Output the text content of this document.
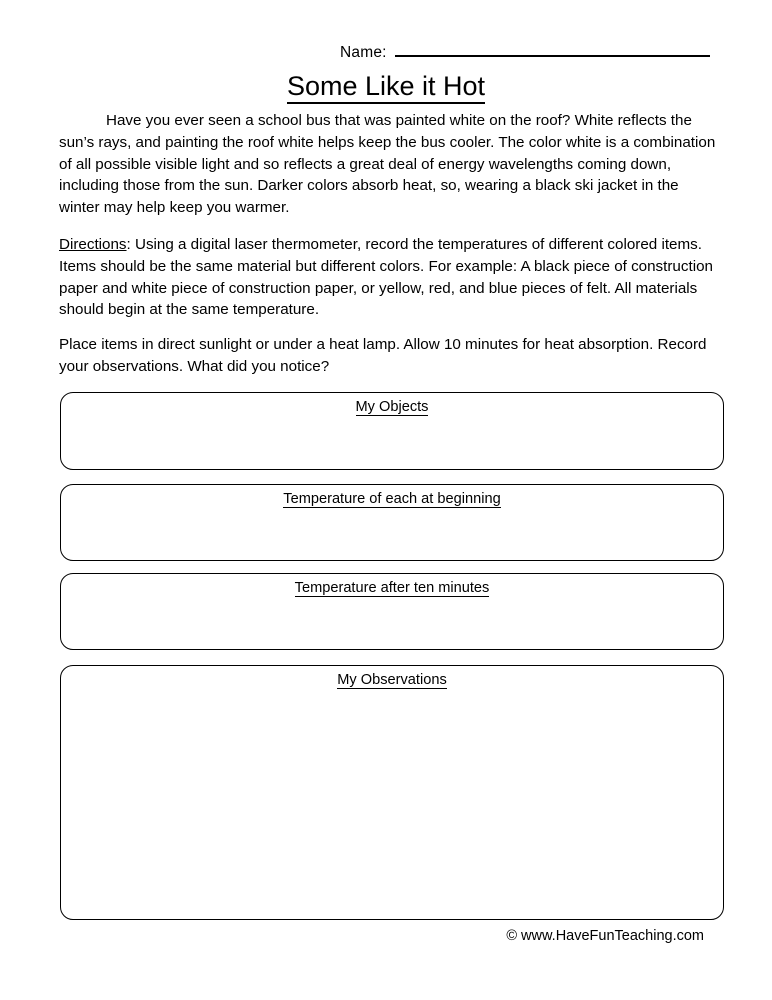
Name:
Some Like it Hot
Have you ever seen a school bus that was painted white on the roof? White reflects the sun’s rays, and painting the roof white helps keep the bus cooler. The color white is a combination of all possible visible light and so reflects a great deal of energy wavelengths coming down, including those from the sun. Darker colors absorb heat, so, wearing a black ski jacket in the winter may help keep you warmer.
Directions: Using a digital laser thermometer, record the temperatures of different colored items. Items should be the same material but different colors. For example: A black piece of construction paper and white piece of construction paper, or yellow, red, and blue pieces of felt. All materials should begin at the same temperature.
Place items in direct sunlight or under a heat lamp. Allow 10 minutes for heat absorption. Record your observations. What did you notice?
My Objects
Temperature of each at beginning
Temperature after ten minutes
My Observations
© www.HaveFunTeaching.com
